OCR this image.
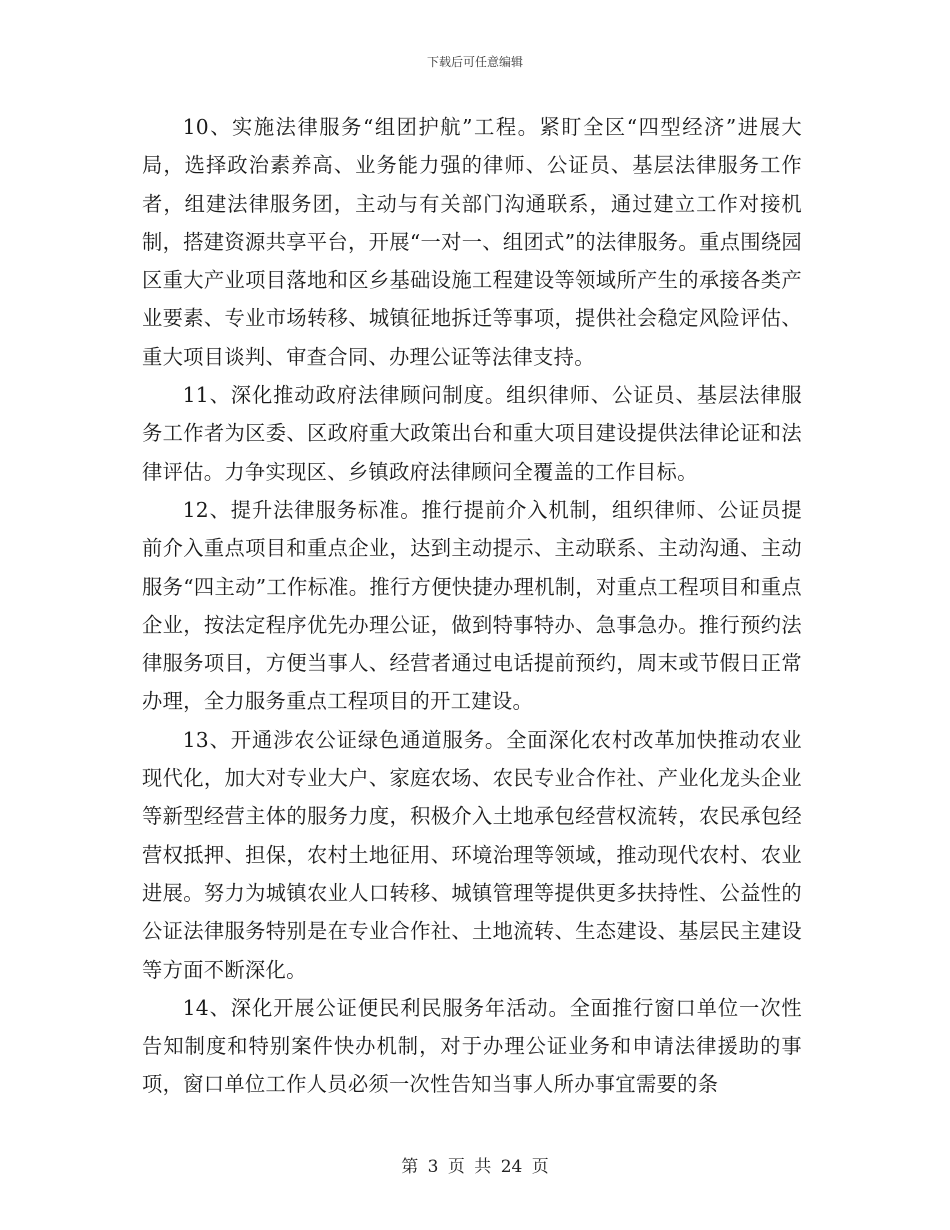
下载后可任意编辑

10、实施法律服务“组团护航”工程。紧盯全区“四型经济”进展大局，选择政治素养高、业务能力强的律师、公证员、基层法律服务工作者，组建法律服务团，主动与有关部门沟通联系，通过建立工作对接机制，搭建资源共享平台，开展“一对一、组团式”的法律服务。重点围绕园区重大产业项目落地和区乡基础设施工程建设等领域所产生的承接各类产业要素、专业市场转移、城镇征地拆迁等事项，提供社会稳定风险评估、重大项目谈判、审查合同、办理公证等法律支持。

11、深化推动政府法律顾问制度。组织律师、公证员、基层法律服务工作者为区委、区政府重大政策出台和重大项目建设提供法律论证和法律评估。力争实现区、乡镇政府法律顾问全覆盖的工作目标。

12、提升法律服务标准。推行提前介入机制，组织律师、公证员提前介入重点项目和重点企业，达到主动提示、主动联系、主动沟通、主动服务“四主动”工作标准。推行方便快捷办理机制，对重点工程项目和重点企业，按法定程序优先办理公证，做到特事特办、急事急办。推行预约法律服务项目，方便当事人、经营者通过电话提前预约，周末或节假日正常办理，全力服务重点工程项目的开工建设。

13、开通涉农公证绿色通道服务。全面深化农村改革加快推动农业现代化，加大对专业大户、家庭农场、农民专业合作社、产业化龙头企业等新型经营主体的服务力度，积极介入土地承包经营权流转，农民承包经营权抵押、担保，农村土地征用、环境治理等领域，推动现代农村、农业进展。努力为城镇农业人口转移、城镇管理等提供更多扶持性、公益性的公证法律服务特别是在专业合作社、土地流转、生态建设、基层民主建设等方面不断深化。

14、深化开展公证便民利民服务年活动。全面推行窗口单位一次性告知制度和特别案件快办机制，对于办理公证业务和申请法律援助的事项，窗口单位工作人员必须一次性告知当事人所办事宜需要的条

第 3 页 共 24 页
